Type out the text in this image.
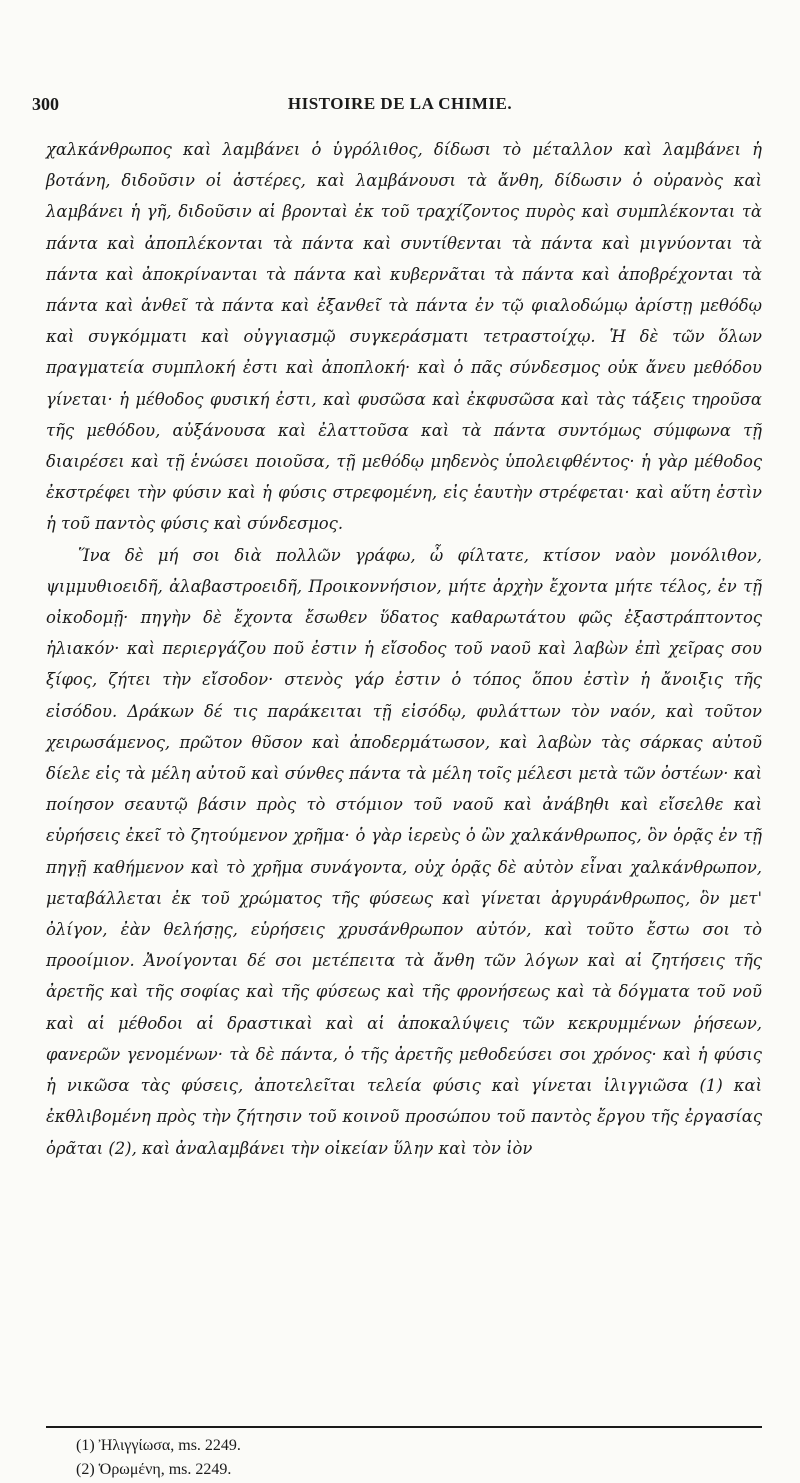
300	HISTOIRE DE LA CHIMIE.

χαλκάνθρωπος καὶ λαμβάνει ὁ ὑγρόλιθος, δίδωσι τὸ μέταλλον καὶ λαμβάνει ἡ βοτάνη, διδοῦσιν οἱ ἀστέρες, καὶ λαμβάνουσι τὰ ἄνθη, δίδωσιν ὁ οὐρανὸς καὶ λαμβάνει ἡ γῆ, διδοῦσιν αἱ βρονταὶ ἐκ τοῦ τραχίζοντος πυρὸς καὶ συμπλέκονται τὰ πάντα καὶ ἀποπλέκονται τὰ πάντα καὶ συντίθενται τὰ πάντα καὶ μιγνύονται τὰ πάντα καὶ ἀποκρίνανται τὰ πάντα καὶ κυβερνᾶται τὰ πάντα καὶ ἀποβρέχονται τὰ πάντα καὶ ἀνθεῖ τὰ πάντα καὶ ἐξανθεῖ τὰ πάντα ἐν τῷ φιαλοδώμῳ ἀρίστῃ μεθόδῳ καὶ συγκόμματι καὶ οὐγγιασμῷ συγκεράσματι τετραστοίχῳ. Ἡ δὲ τῶν ὅλων πραγματεία συμπλοκή ἐστι καὶ ἀποπλοκή· καὶ ὁ πᾶς σύνδεσμος οὐκ ἄνευ μεθόδου γίνεται· ἡ μέθοδος φυσική ἐστι, καὶ φυσῶσα καὶ ἐκφυσῶσα καὶ τὰς τάξεις τηροῦσα τῆς μεθόδου, αὐξάνουσα καὶ ἐλαττοῦσα καὶ τὰ πάντα συντόμως σύμφωνα τῇ διαιρέσει καὶ τῇ ἑνώσει ποιοῦσα, τῇ μεθόδῳ μηδενὸς ὑπολειφθέντος· ἡ γὰρ μέθοδος ἐκστρέφει τὴν φύσιν καὶ ἡ φύσις στρεφομένη, εἰς ἑαυτὴν στρέφεται· καὶ αὕτη ἐστὶν ἡ τοῦ παντὸς φύσις καὶ σύνδεσμος.

Ἵνα δὲ μή σοι διὰ πολλῶν γράφω, ὦ φίλτατε, κτίσον ναὸν μονόλιθον, ψιμμυθιοειδῆ, ἀλαβαστροειδῆ, Προικοννήσιον, μήτε ἀρχὴν ἔχοντα μήτε τέλος, ἐν τῇ οἰκοδομῇ· πηγὴν δὲ ἔχοντα ἔσωθεν ὕδατος καθαρωτάτου φῶς ἐξαστράπτοντος ἡλιακόν· καὶ περιεργάζου ποῦ ἐστιν ἡ εἴσοδος τοῦ ναοῦ καὶ λαβὼν ἐπὶ χεῖρας σου ξίφος, ζήτει τὴν εἴσοδον· στενὸς γάρ ἐστιν ὁ τόπος ὅπου ἐστὶν ἡ ἄνοιξις τῆς εἰσόδου. Δράκων δέ τις παράκειται τῇ εἰσόδῳ, φυλάττων τὸν ναόν, καὶ τοῦτον χειρωσάμενος, πρῶτον θῦσον καὶ ἀποδερμάτωσον, καὶ λαβὼν τὰς σάρκας αὐτοῦ δίελε εἰς τὰ μέλη αὐτοῦ καὶ σύνθες πάντα τὰ μέλη τοῖς μέλεσι μετὰ τῶν ὀστέων· καὶ ποίησον σεαυτῷ βάσιν πρὸς τὸ στόμιον τοῦ ναοῦ καὶ ἀνάβηθι καὶ εἴσελθε καὶ εὑρήσεις ἐκεῖ τὸ ζητούμενον χρῆμα· ὁ γὰρ ἱερεὺς ὁ ὢν χαλκάνθρωπος, ὃν ὁρᾷς ἐν τῇ πηγῇ καθήμενον καὶ τὸ χρῆμα συνάγοντα, οὐχ ὁρᾷς δὲ αὐτὸν εἶναι χαλκάνθρωπον, μεταβάλλεται ἐκ τοῦ χρώματος τῆς φύσεως καὶ γίνεται ἀργυράνθρωπος, ὃν μετ' ὀλίγον, ἐὰν θελήσῃς, εὑρήσεις χρυσάνθρωπον αὐτόν, καὶ τοῦτο ἔστω σοι τὸ προοίμιον. Ἀνοίγονται δέ σοι μετέπειτα τὰ ἄνθη τῶν λόγων καὶ αἱ ζητήσεις τῆς ἀρετῆς καὶ τῆς σοφίας καὶ τῆς φύσεως καὶ τῆς φρονήσεως καὶ τὰ δόγματα τοῦ νοῦ καὶ αἱ μέθοδοι αἱ δραστικαὶ καὶ αἱ ἀποκαλύψεις τῶν κεκρυμμένων ῥήσεων, φανερῶν γενομένων· τὰ δὲ πάντα, ὁ τῆς ἀρετῆς μεθοδεύσει σοι χρόνος· καὶ ἡ φύσις ἡ νικῶσα τὰς φύσεις, ἀποτελεῖται τελεία φύσις καὶ γίνεται ἰλιγγιῶσα (1) καὶ ἐκθλιβομένη πρὸς τὴν ζήτησιν τοῦ κοινοῦ προσώπου τοῦ παντὸς ἔργου τῆς ἐργασίας ὁρᾶται (2), καὶ ἀναλαμβάνει τὴν οἰκείαν ὕλην καὶ τὸν ἰὸν

(1) Ἠλιγγίωσα, ms. 2249.
(2) Ὁρωμένη, ms. 2249.
